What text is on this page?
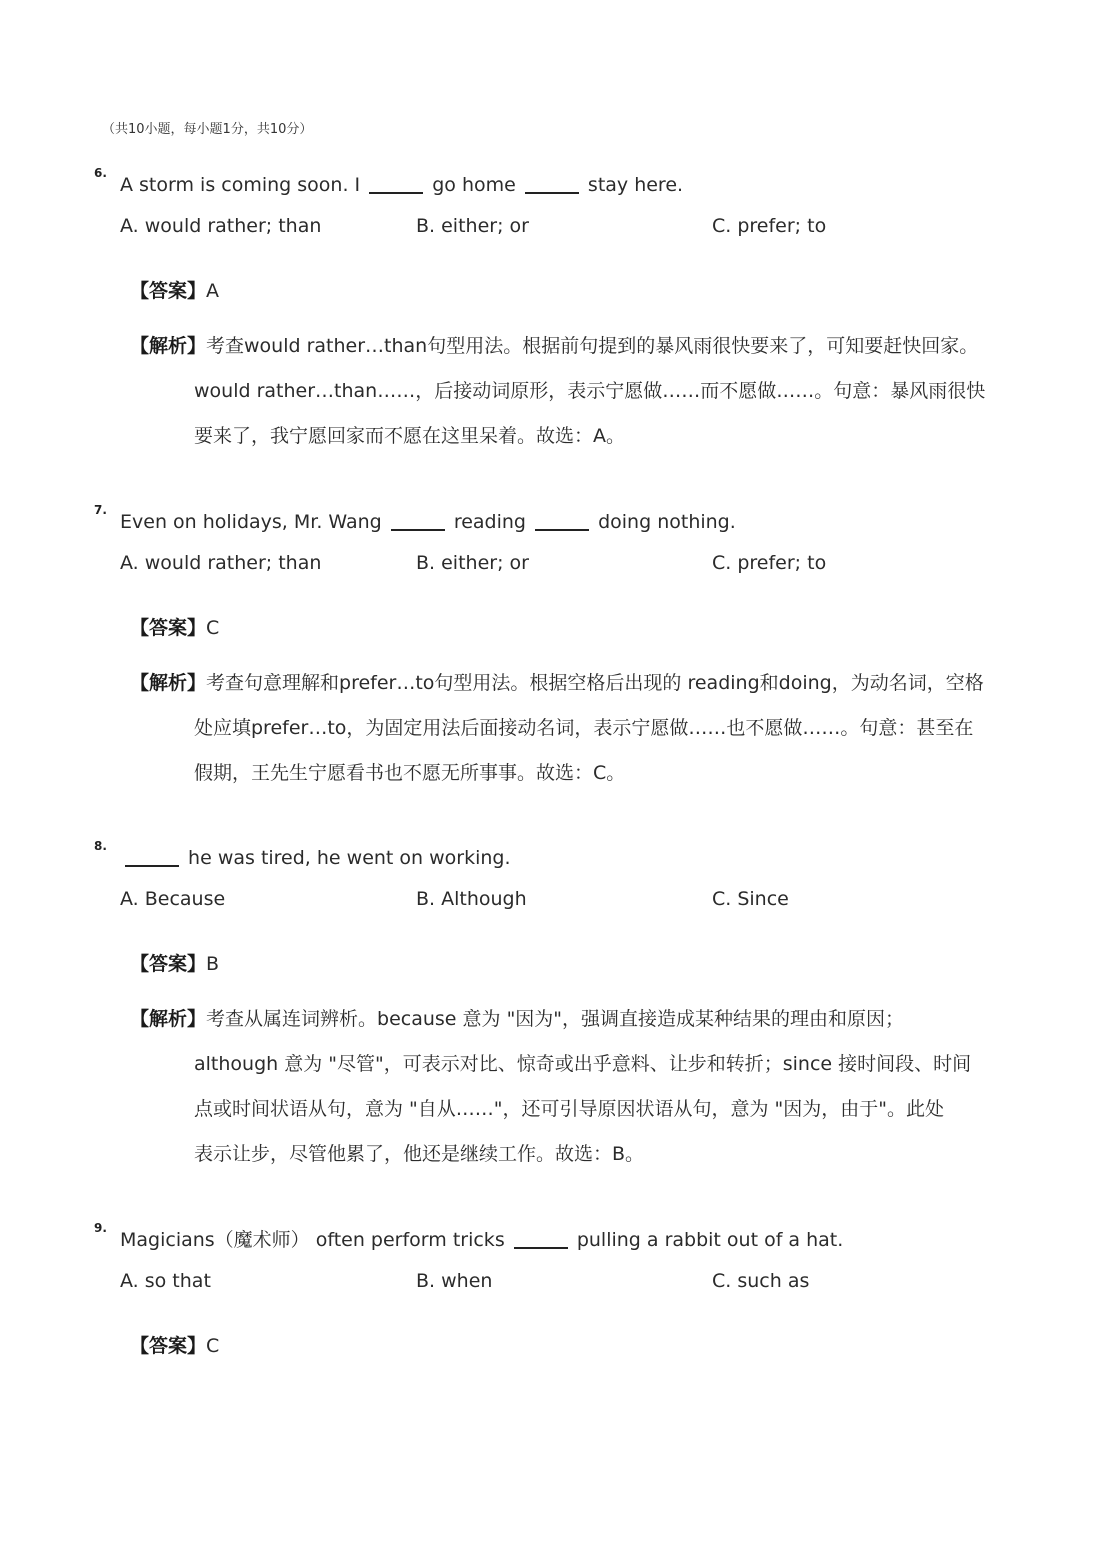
（共10小题，每小题1分，共10分）
6.
A storm is coming soon. I	go home	stay here.
A. would rather; than	B. either; or	C. prefer; to
【答案】A
【解析】考查would rather…than句型用法。根据前句提到的暴风雨很快要来了，可知要赶快回家。
would rather…than……，后接动词原形，表示宁愿做……而不愿做……。句意：暴风雨很快
要来了，我宁愿回家而不愿在这里呆着。故选：A。
7.
Even on holidays, Mr. Wang	reading	doing nothing.
A. would rather; than	B. either; or	C. prefer; to
【答案】C
【解析】考查句意理解和prefer…to句型用法。根据空格后出现的 reading和doing，为动名词，空格
处应填prefer…to，为固定用法后面接动名词，表示宁愿做……也不愿做……。句意：甚至在
假期，王先生宁愿看书也不愿无所事事。故选：C。
8.
he was tired, he went on working.
A. Because	B. Although	C. Since
【答案】B
【解析】考查从属连词辨析。because 意为 "因为"，强调直接造成某种结果的理由和原因；
although 意为 "尽管"，可表示对比、惊奇或出乎意料、让步和转折；since 接时间段、时间
点或时间状语从句，意为 "自从……"，还可引导原因状语从句，意为 "因为，由于"。此处
表示让步，尽管他累了，他还是继续工作。故选：B。
9.
Magicians（魔术师） often perform tricks	pulling a rabbit out of a hat.
A. so that	B. when	C. such as
【答案】C
